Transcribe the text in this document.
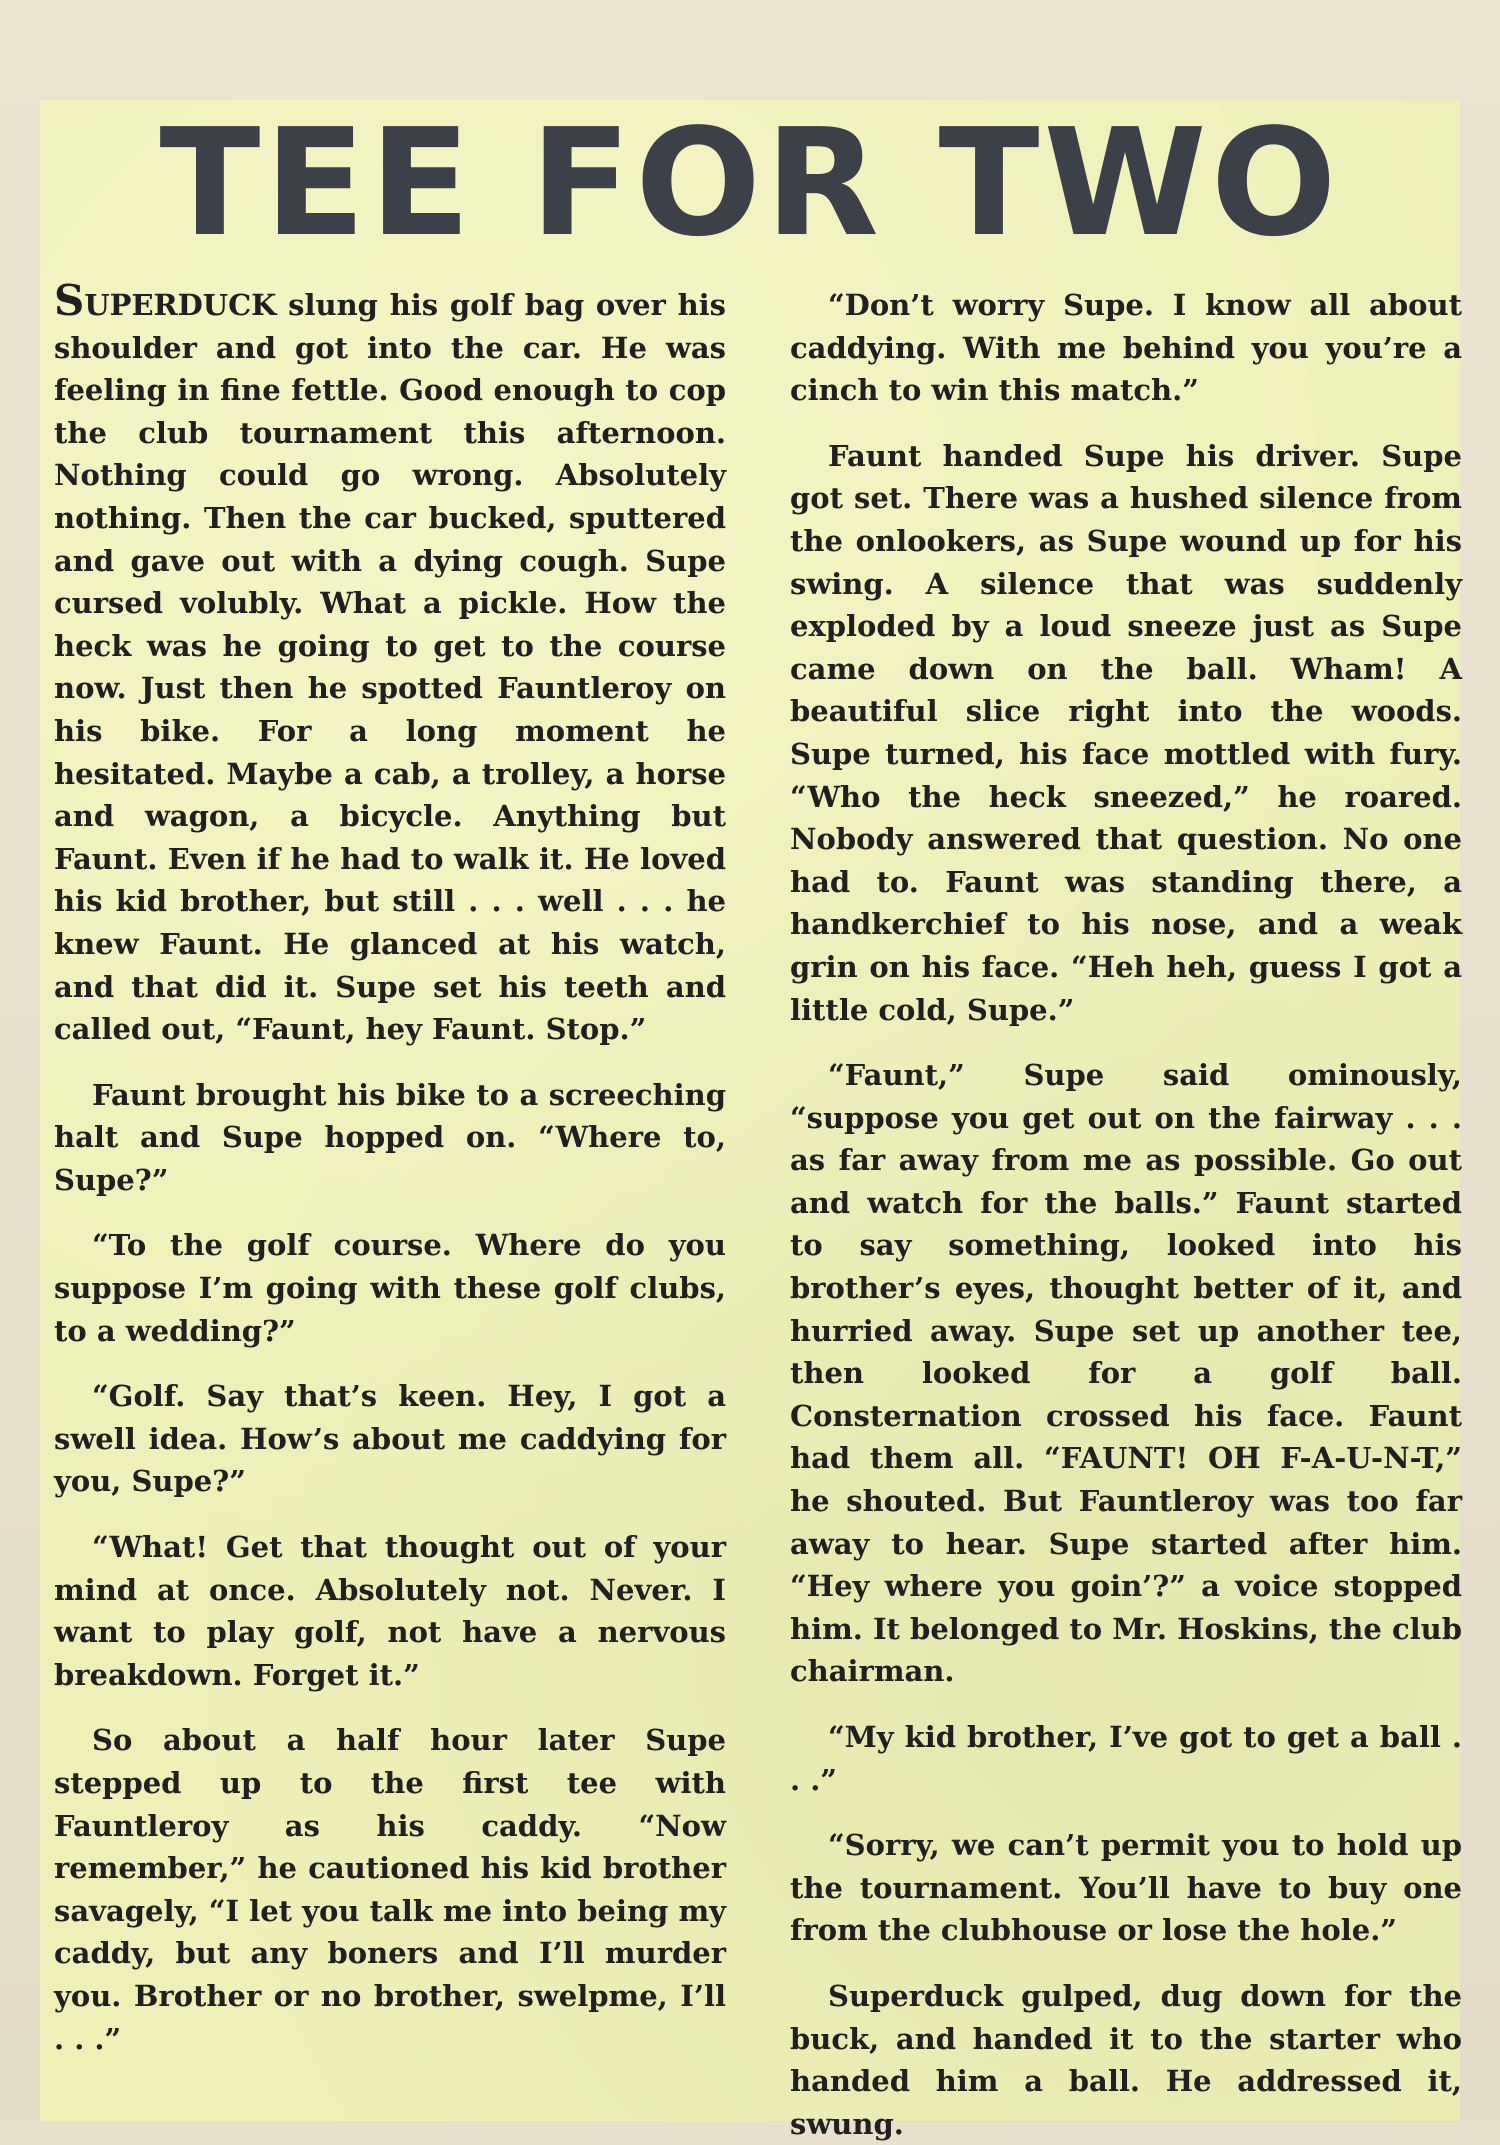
TEE FOR TWO

SUPERDUCK slung his golf bag over his shoulder and got into the car. He was feeling in fine fettle. Good enough to cop the club tournament this afternoon. Nothing could go wrong. Absolutely nothing. Then the car bucked, sputtered and gave out with a dying cough. Supe cursed volubly. What a pickle. How the heck was he going to get to the course now. Just then he spotted Fauntleroy on his bike. For a long moment he hesitated. Maybe a cab, a trolley, a horse and wagon, a bicycle. Anything but Faunt. Even if he had to walk it. He loved his kid brother, but still . . . well . . . he knew Faunt. He glanced at his watch, and that did it. Supe set his teeth and called out, “Faunt, hey Faunt. Stop.”

Faunt brought his bike to a screeching halt and Supe hopped on. “Where to, Supe?”

“To the golf course. Where do you suppose I’m going with these golf clubs, to a wedding?”

“Golf. Say that’s keen. Hey, I got a swell idea. How’s about me caddying for you, Supe?”

“What! Get that thought out of your mind at once. Absolutely not. Never. I want to play golf, not have a nervous breakdown. Forget it.”

So about a half hour later Supe stepped up to the first tee with Fauntleroy as his caddy. “Now remember,” he cautioned his kid brother savagely, “I let you talk me into being my caddy, but any boners and I’ll murder you. Brother or no brother, swelpme, I’ll . . .”

“Don’t worry Supe. I know all about caddying. With me behind you you’re a cinch to win this match.”

Faunt handed Supe his driver. Supe got set. There was a hushed silence from the onlookers, as Supe wound up for his swing. A silence that was suddenly exploded by a loud sneeze just as Supe came down on the ball. Wham! A beautiful slice right into the woods. Supe turned, his face mottled with fury. “Who the heck sneezed,” he roared. Nobody answered that question. No one had to. Faunt was standing there, a handkerchief to his nose, and a weak grin on his face. “Heh heh, guess I got a little cold, Supe.”

“Faunt,” Supe said ominously, “suppose you get out on the fairway . . . as far away from me as possible. Go out and watch for the balls.” Faunt started to say something, looked into his brother’s eyes, thought better of it, and hurried away. Supe set up another tee, then looked for a golf ball. Consternation crossed his face. Faunt had them all. “FAUNT! OH F-A-U-N-T,” he shouted. But Fauntleroy was too far away to hear. Supe started after him. “Hey where you goin’?” a voice stopped him. It belonged to Mr. Hoskins, the club chairman.

“My kid brother, I’ve got to get a ball . . .”

“Sorry, we can’t permit you to hold up the tournament. You’ll have to buy one from the clubhouse or lose the hole.”

Superduck gulped, dug down for the buck, and handed it to the starter who handed him a ball. He addressed it, swung.
